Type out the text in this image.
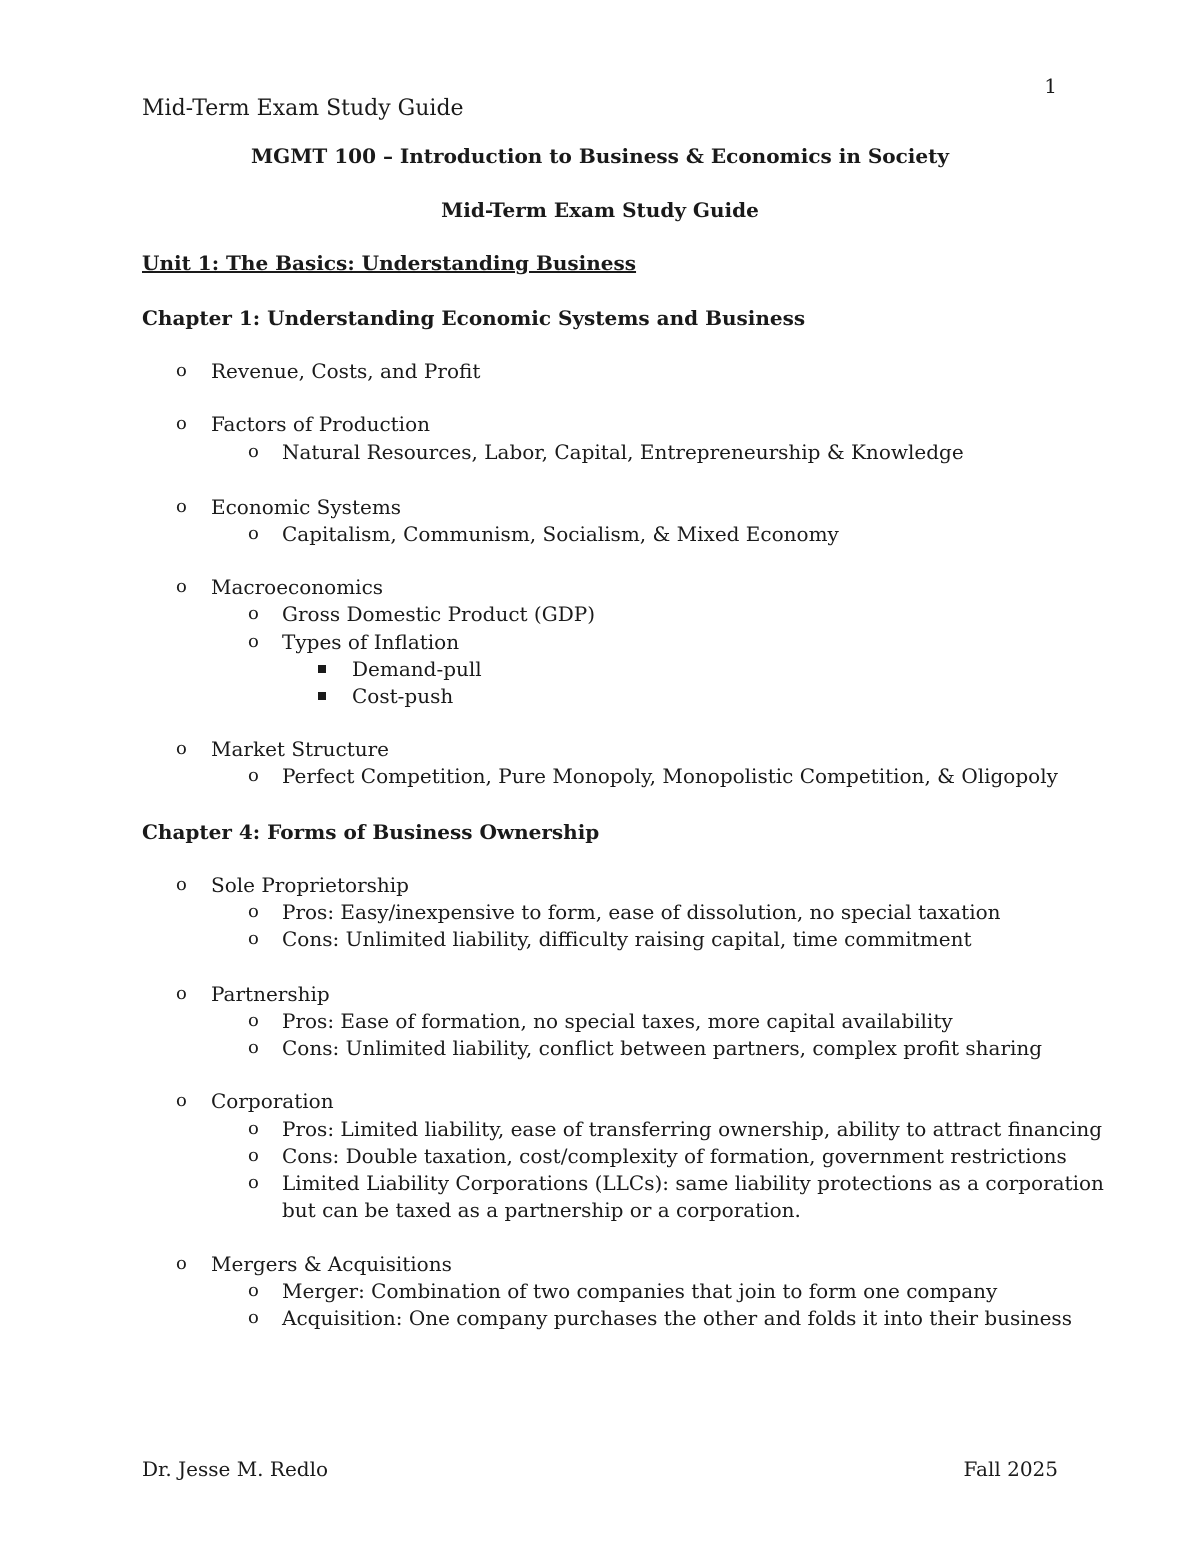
1
Mid-Term Exam Study Guide
MGMT 100 – Introduction to Business & Economics in Society
Mid-Term Exam Study Guide
Unit 1: The Basics: Understanding Business
Chapter 1: Understanding Economic Systems and Business
o Revenue, Costs, and Profit
o Factors of Production
o Natural Resources, Labor, Capital, Entrepreneurship & Knowledge
o Economic Systems
o Capitalism, Communism, Socialism, & Mixed Economy
o Macroeconomics
o Gross Domestic Product (GDP)
o Types of Inflation
Demand-pull
Cost-push
o Market Structure
o Perfect Competition, Pure Monopoly, Monopolistic Competition, & Oligopoly
Chapter 4: Forms of Business Ownership
o Sole Proprietorship
o Pros: Easy/inexpensive to form, ease of dissolution, no special taxation
o Cons: Unlimited liability, difficulty raising capital, time commitment
o Partnership
o Pros: Ease of formation, no special taxes, more capital availability
o Cons: Unlimited liability, conflict between partners, complex profit sharing
o Corporation
o Pros: Limited liability, ease of transferring ownership, ability to attract financing
o Cons: Double taxation, cost/complexity of formation, government restrictions
o Limited Liability Corporations (LLCs): same liability protections as a corporation
but can be taxed as a partnership or a corporation.
o Mergers & Acquisitions
o Merger: Combination of two companies that join to form one company
o Acquisition: One company purchases the other and folds it into their business
Dr. Jesse M. Redlo	Fall 2025
